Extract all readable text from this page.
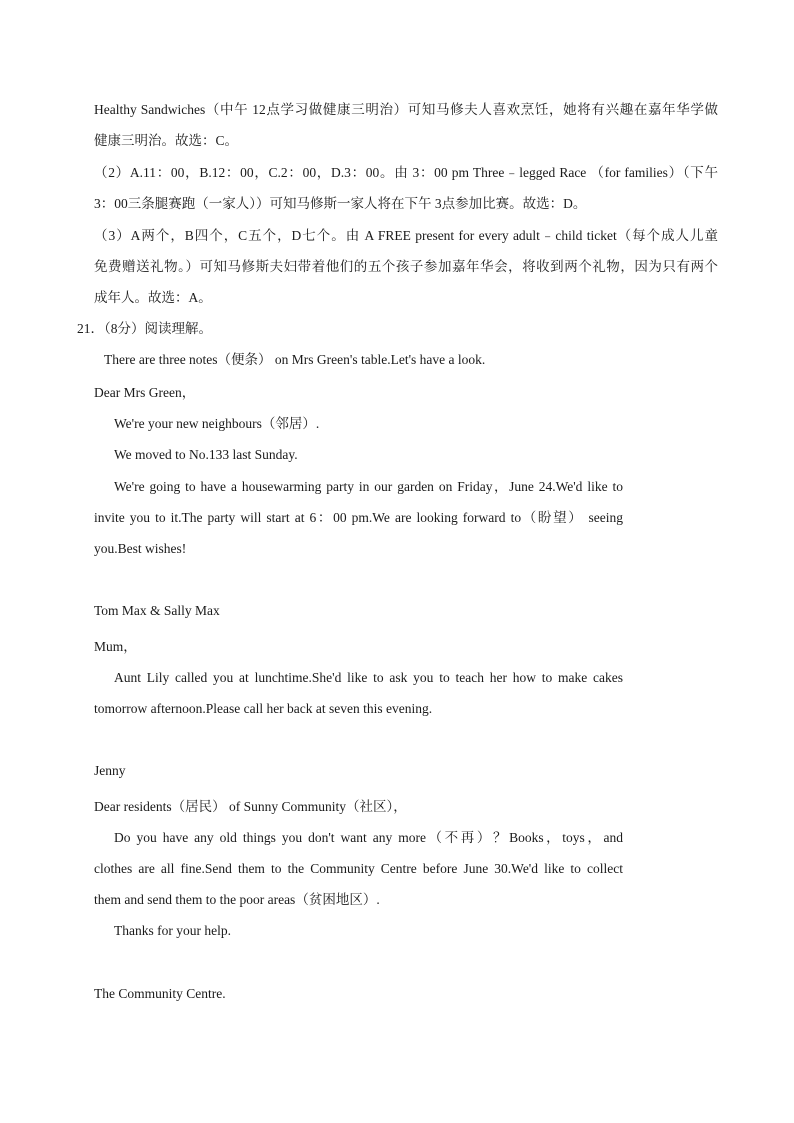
Healthy Sandwiches（中午 12点学习做健康三明治）可知马修夫人喜欢烹饪，她将有兴趣在嘉年华学做
健康三明治。故选：C。
（2）A.11：00，B.12：00，C.2：00，D.3：00。由 3：00 pm Three﹣legged Race （for families）（下午
3：00三条腿赛跑（一家人））可知马修斯一家人将在下午 3点参加比赛。故选：D。
（3）A两个，B四个，C五个，D七个。由 A FREE present for every adult﹣child ticket（每个成人儿童
免费赠送礼物。）可知马修斯夫妇带着他们的五个孩子参加嘉年华会，将收到两个礼物，因为只有两个
成年人。故选：A。
21．（8分）阅读理解。
There are three notes（便条） on Mrs Green's table.Let's have a look.
Dear Mrs Green，
We're your new neighbours（邻居）.
We moved to No.133 last Sunday.
We're going to have a housewarming party in our garden on Friday，June 24.We'd like to
invite you to it.The party will start at 6：00 pm.We are looking forward to（盼望） seeing
you.Best wishes!
Tom Max & Sally Max
Mum，
Aunt Lily called you at lunchtime.She'd like to ask you to teach her how to make cakes
tomorrow afternoon.Please call her back at seven this evening.
Jenny
Dear residents（居民） of Sunny Community（社区），
Do you have any old things you don't want any more（不再）？Books，toys，and
clothes are all fine.Send them to the Community Centre before June 30.We'd like to collect
them and send them to the poor areas（贫困地区）.
Thanks for your help.
The Community Centre.
